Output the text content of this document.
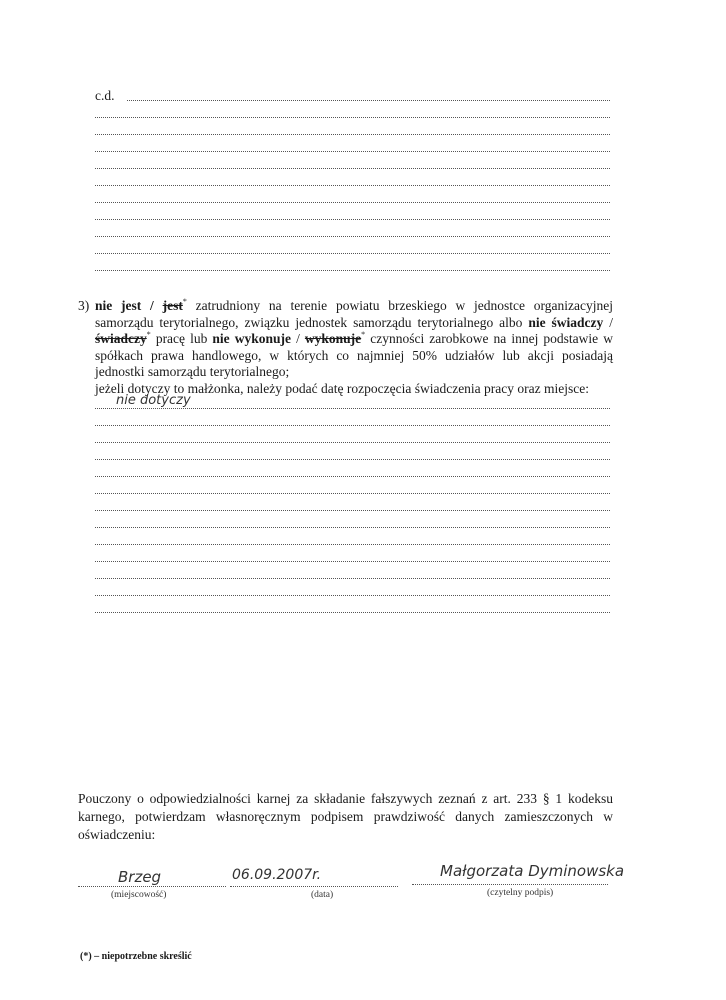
c.d.
3) nie jest / jest* zatrudniony na terenie powiatu brzeskiego w jednostce organizacyjnej samorządu terytorialnego, związku jednostek samorządu terytorialnego albo nie świadczy / świadczy* pracę lub nie wykonuje / wykonuje* czynności zarobkowe na innej podstawie w spółkach prawa handlowego, w których co najmniej 50% udziałów lub akcji posiadają jednostki samorządu terytorialnego;
jeżeli dotyczy to małżonka, należy podać datę rozpoczęcia świadczenia pracy oraz miejsce:
nie dotyczy
Pouczony o odpowiedzialności karnej za składanie fałszywych zeznań z art. 233 § 1 kodeksu karnego, potwierdzam własnoręcznym podpisem prawdziwość danych zamieszczonych w oświadczeniu:
Brzeg
(miejscowość)
06.09.2007r.
(data)
Małgorzata Dyminowska
(czytelny podpis)
(*) – niepotrzebne skreślić
